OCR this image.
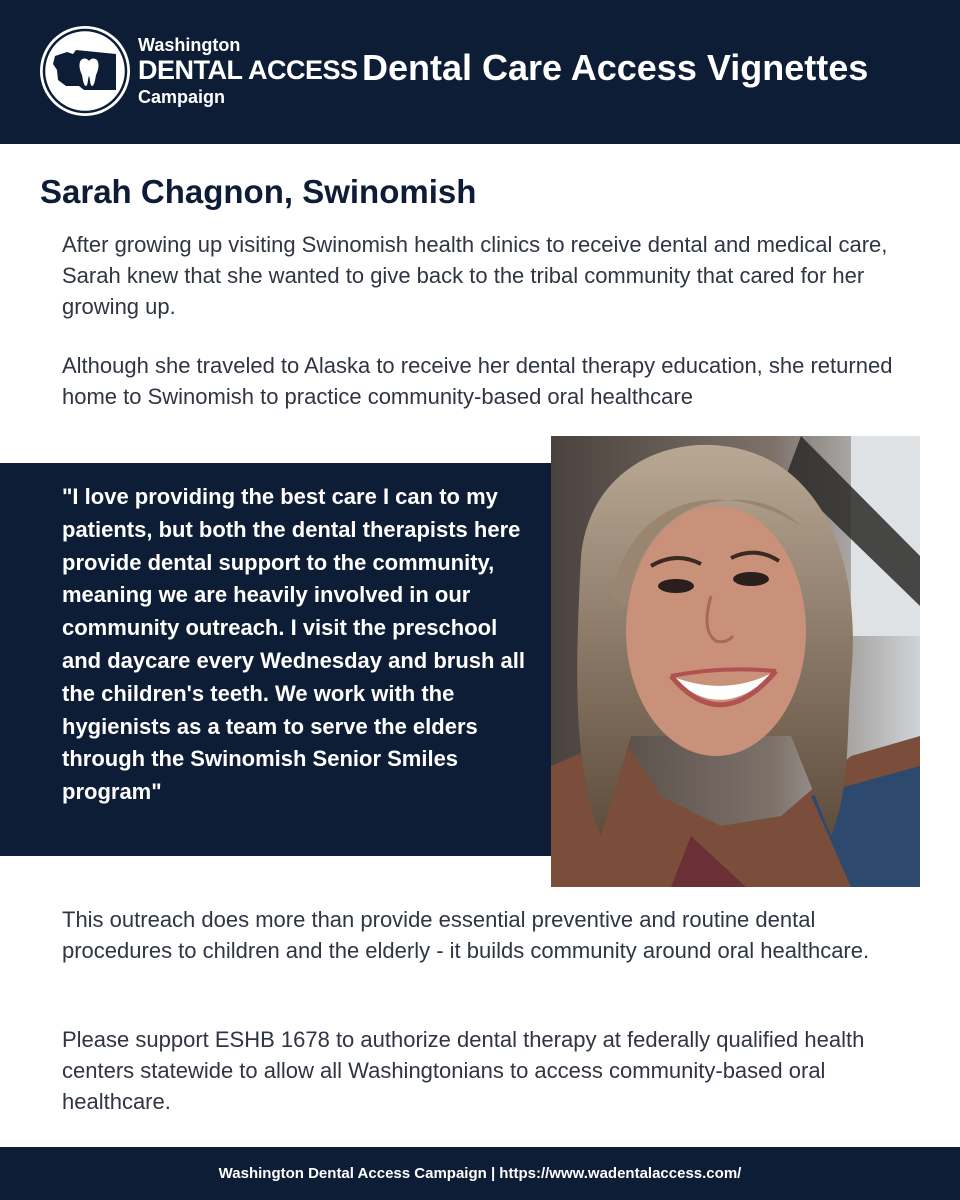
Washington
DENTAL ACCESS
Campaign
Dental Care Access Vignettes
Sarah Chagnon, Swinomish

After growing up visiting Swinomish health clinics to receive dental and medical care, Sarah knew that she wanted to give back to the tribal community that cared for her growing up.

Although she traveled to Alaska to receive her dental therapy education, she returned home to Swinomish to practice community-based oral healthcare

"I love providing the best care I can to my patients, but both the dental therapists here provide dental support to the community, meaning we are heavily involved in our community outreach. I visit the preschool and daycare every Wednesday and brush all the children's teeth. We work with the hygienists as a team to serve the elders through the Swinomish Senior Smiles program"

This outreach does more than provide essential preventive and routine dental procedures to children and the elderly - it builds community around oral healthcare.

Please support ESHB 1678 to authorize dental therapy at federally qualified health centers statewide to allow all Washingtonians to access community-based oral healthcare.

Washington Dental Access Campaign | https://www.wadentalaccess.com/
